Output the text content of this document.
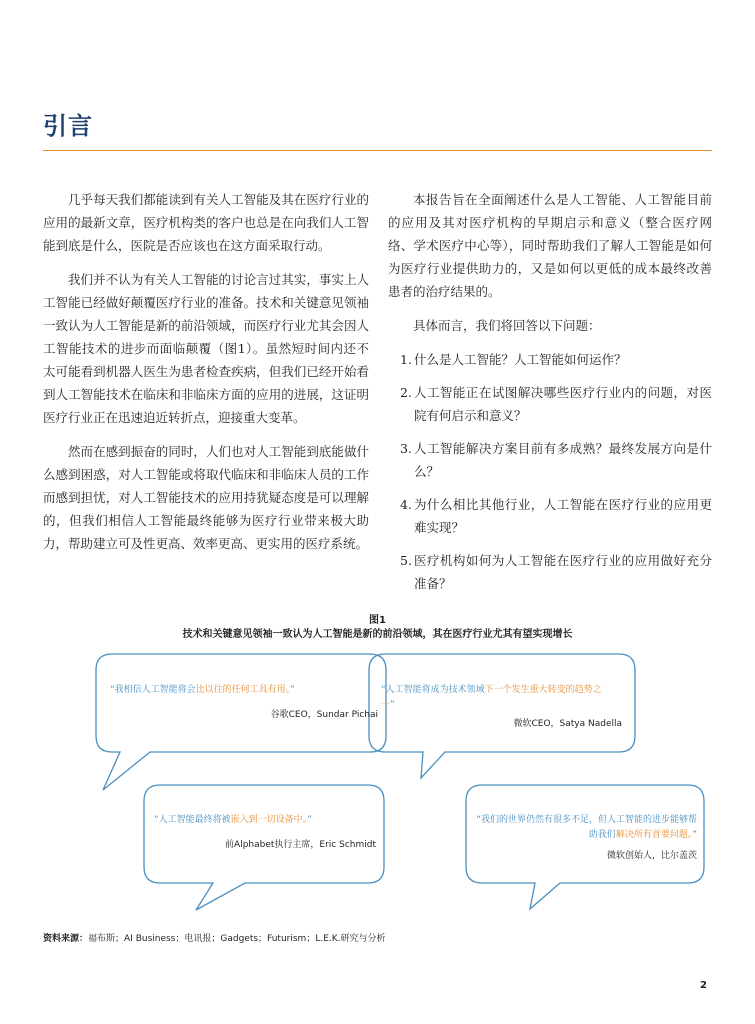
引言

几乎每天我们都能读到有关人工智能及其在医疗行业的应用的最新文章，医疗机构类的客户也总是在向我们人工智能到底是什么，医院是否应该也在这方面采取行动。

我们并不认为有关人工智能的讨论言过其实，事实上人工智能已经做好颠覆医疗行业的准备。技术和关键意见领袖一致认为人工智能是新的前沿领域，而医疗行业尤其会因人工智能技术的进步而面临颠覆（图1）。虽然短时间内还不太可能看到机器人医生为患者检查疾病，但我们已经开始看到人工智能技术在临床和非临床方面的应用的进展，这证明医疗行业正在迅速迫近转折点，迎接重大变革。

然而在感到振奋的同时，人们也对人工智能到底能做什么感到困惑，对人工智能或将取代临床和非临床人员的工作而感到担忧，对人工智能技术的应用持犹疑态度是可以理解的，但我们相信人工智能最终能够为医疗行业带来极大助力，帮助建立可及性更高、效率更高、更实用的医疗系统。

本报告旨在全面阐述什么是人工智能、人工智能目前的应用及其对医疗机构的早期启示和意义（整合医疗网络、学术医疗中心等），同时帮助我们了解人工智能是如何为医疗行业提供助力的，又是如何以更低的成本最终改善患者的治疗结果的。

具体而言，我们将回答以下问题：

1. 什么是人工智能？人工智能如何运作？
2. 人工智能正在试图解决哪些医疗行业内的问题，对医院有何启示和意义？
3. 人工智能解决方案目前有多成熟？最终发展方向是什么？
4. 为什么相比其他行业，人工智能在医疗行业的应用更难实现？
5. 医疗机构如何为人工智能在医疗行业的应用做好充分准备？

图1

技术和关键意见领袖一致认为人工智能是新的前沿领域，其在医疗行业尤其有望实现增长

“我相信人工智能将会比以往的任何工具有用。”
谷歌CEO，Sundar Pichai
“人工智能将成为技术领域下一个发生重大转变的趋势之一”
微软CEO，Satya Nadella
“人工智能最终将被嵌入到一切设备中。”
前Alphabet执行主席，Eric Schmidt
“我们的世界仍然有很多不足，但人工智能的进步能够帮助我们解决所有首要问题。”
微软创始人，比尔盖茨

资料来源：福布斯；AI Business；电讯报；Gadgets；Futurism；L.E.K.研究与分析

2
